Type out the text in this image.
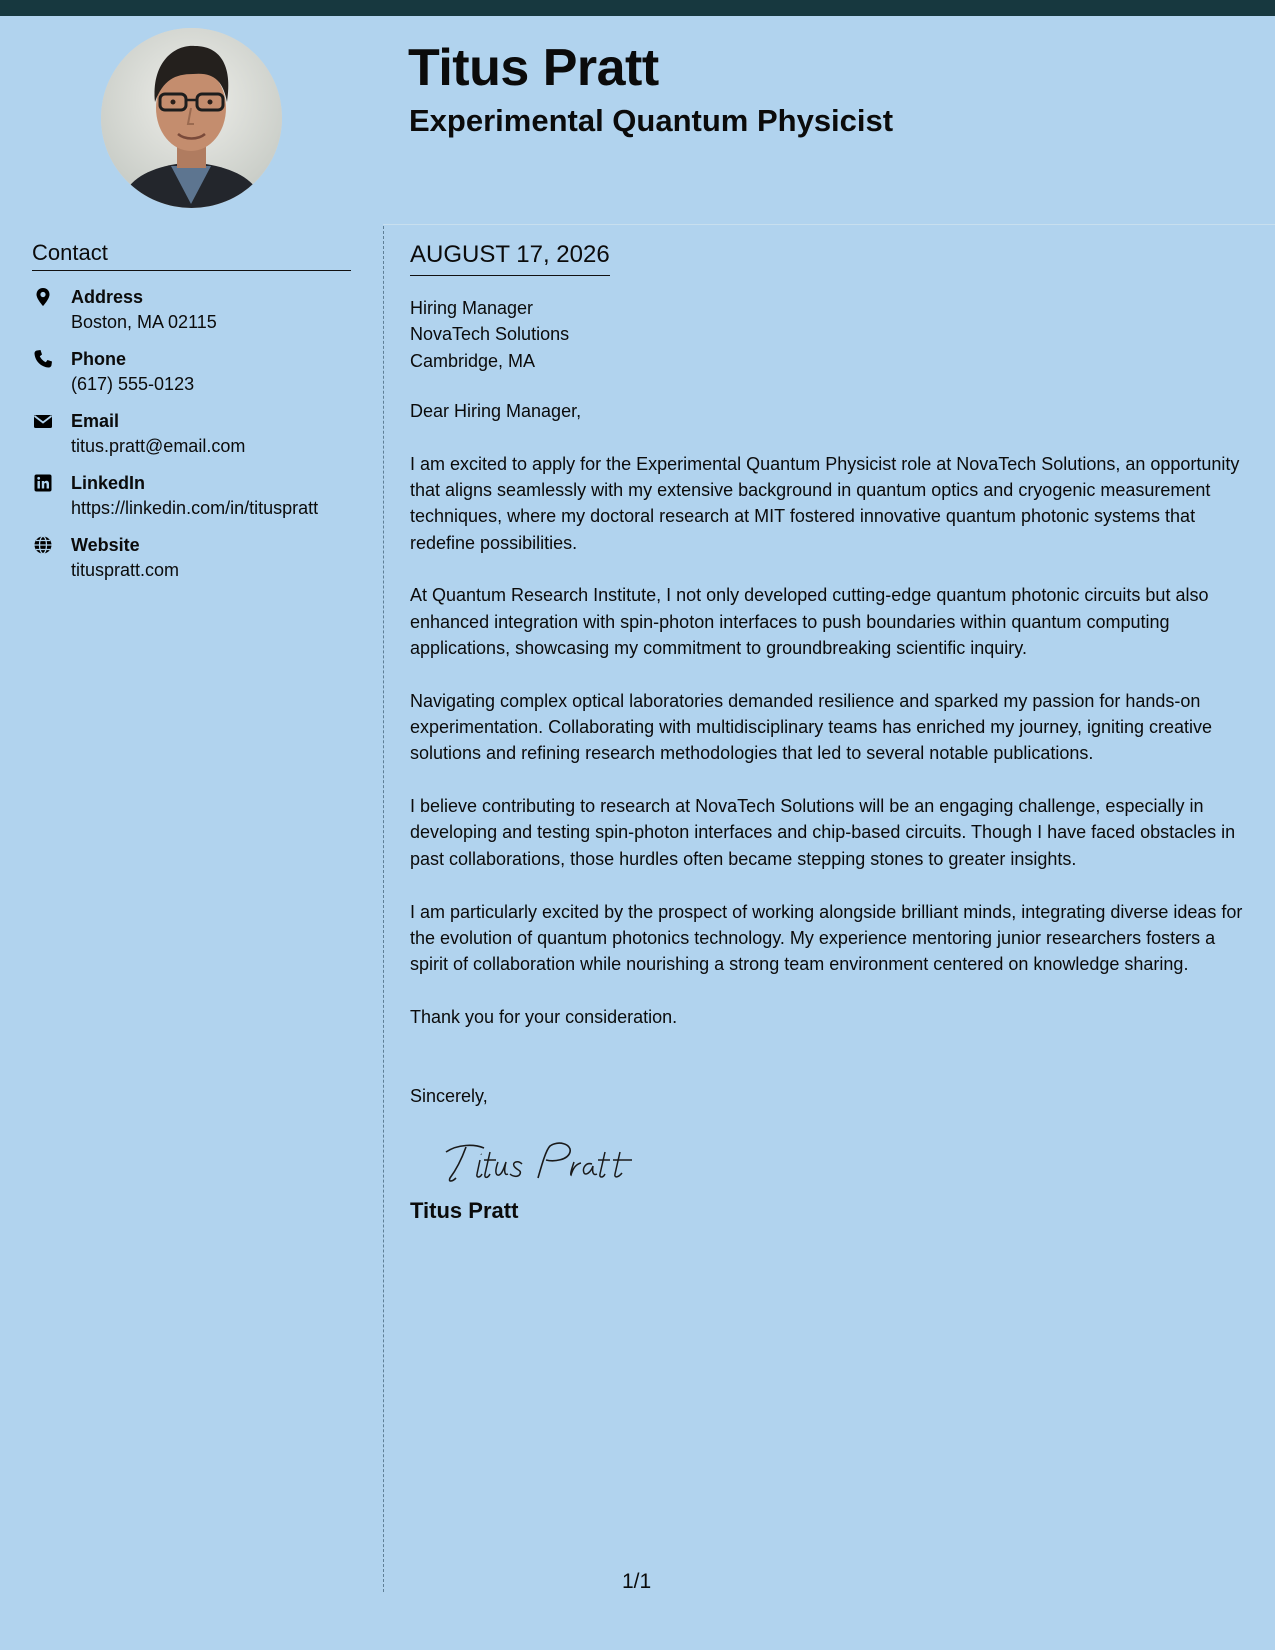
Titus Pratt
Experimental Quantum Physicist
Contact
Address
Boston, MA 02115
Phone
(617) 555-0123
Email
titus.pratt@email.com
LinkedIn
https://linkedin.com/in/tituspratt
Website
tituspratt.com
AUGUST 17, 2026
Hiring Manager
NovaTech Solutions
Cambridge, MA

Dear Hiring Manager,

I am excited to apply for the Experimental Quantum Physicist role at NovaTech Solutions, an opportunity that aligns seamlessly with my extensive background in quantum optics and cryogenic measurement techniques, where my doctoral research at MIT fostered innovative quantum photonic systems that redefine possibilities.

At Quantum Research Institute, I not only developed cutting-edge quantum photonic circuits but also enhanced integration with spin-photon interfaces to push boundaries within quantum computing applications, showcasing my commitment to groundbreaking scientific inquiry.

Navigating complex optical laboratories demanded resilience and sparked my passion for hands-on experimentation. Collaborating with multidisciplinary teams has enriched my journey, igniting creative solutions and refining research methodologies that led to several notable publications.

I believe contributing to research at NovaTech Solutions will be an engaging challenge, especially in developing and testing spin-photon interfaces and chip-based circuits. Though I have faced obstacles in past collaborations, those hurdles often became stepping stones to greater insights.

I am particularly excited by the prospect of working alongside brilliant minds, integrating diverse ideas for the evolution of quantum photonics technology. My experience mentoring junior researchers fosters a spirit of collaboration while nourishing a strong team environment centered on knowledge sharing.

Thank you for your consideration.

Sincerely,

Titus Pratt
1/1
